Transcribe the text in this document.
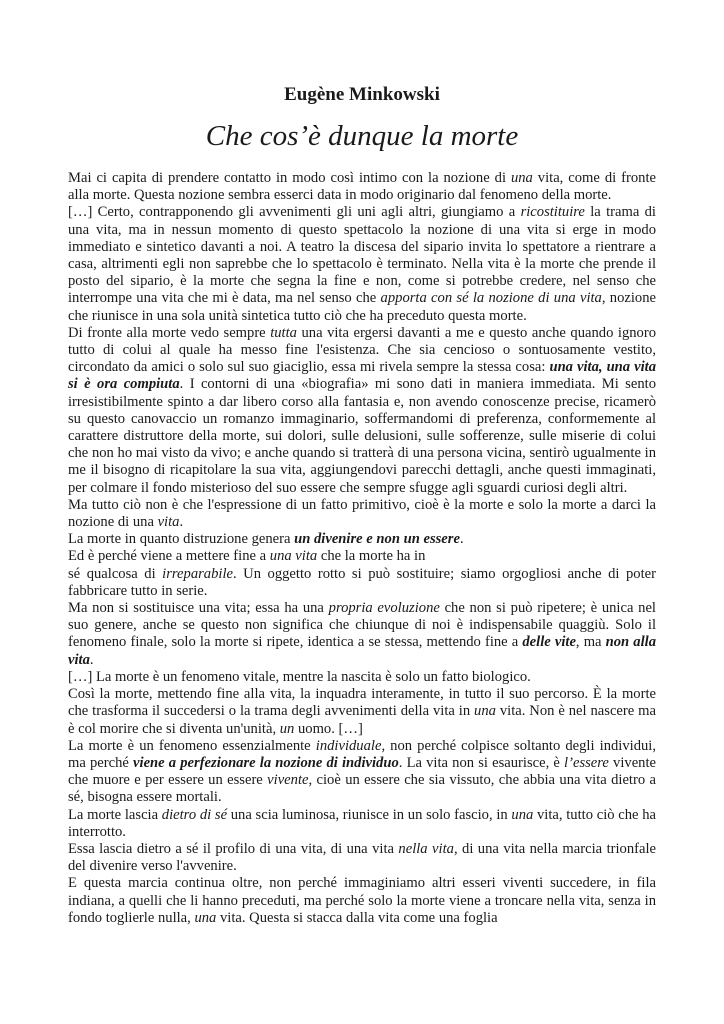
Eugène Minkowski
Che cos’è dunque la morte

Mai ci capita di prendere contatto in modo così intimo con la nozione di una vita, come di fronte alla morte. Questa nozione sembra esserci data in modo originario dal fenomeno della morte.

[…] Certo, contrapponendo gli avvenimenti gli uni agli altri, giungiamo a ricostituire la trama di una vita, ma in nessun momento di questo spettacolo la nozione di una vita si erge in modo immediato e sintetico davanti a noi. A teatro la discesa del sipario invita lo spettatore a rientrare a casa, altrimenti egli non saprebbe che lo spettacolo è terminato. Nella vita è la morte che prende il posto del sipario, è la morte che segna la fine e non, come si potrebbe credere, nel senso che interrompe una vita che mi è data, ma nel senso che apporta con sé la nozione di una vita, nozione che riunisce in una sola unità sintetica tutto ciò che ha preceduto questa morte.

Di fronte alla morte vedo sempre tutta una vita ergersi davanti a me e questo anche quando ignoro tutto di colui al quale ha messo fine l'esistenza. Che sia cencioso o sontuosamente vestito, circondato da amici o solo sul suo giaciglio, essa mi rivela sempre la stessa cosa: una vita, una vita si è ora compiuta. I contorni di una «biografia» mi sono dati in maniera immediata. Mi sento irresistibilmente spinto a dar libero corso alla fantasia e, non avendo conoscenze precise, ricamerò su questo canovaccio un romanzo immaginario, soffermandomi di preferenza, conformemente al carattere distruttore della morte, sui dolori, sulle delusioni, sulle sofferenze, sulle miserie di colui che non ho mai visto da vivo; e anche quando si tratterà di una persona vicina, sentirò ugualmente in me il bisogno di ricapitolare la sua vita, aggiungendovi parecchi dettagli, anche questi immaginati, per colmare il fondo misterioso del suo essere che sempre sfugge agli sguardi curiosi degli altri.

Ma tutto ciò non è che l'espressione di un fatto primitivo, cioè è la morte e solo la morte a darci la nozione di una vita.

La morte in quanto distruzione genera un divenire e non un essere.

Ed è perché viene a mettere fine a una vita che la morte ha in

sé qualcosa di irreparabile. Un oggetto rotto si può sostituire; siamo orgogliosi anche di poter fabbricare tutto in serie.

Ma non si sostituisce una vita; essa ha una propria evoluzione che non si può ripetere; è unica nel suo genere, anche se questo non significa che chiunque di noi è indispensabile quaggiù. Solo il fenomeno finale, solo la morte si ripete, identica a se stessa, mettendo fine a delle vite, ma non alla vita.

[…] La morte è un fenomeno vitale, mentre la nascita è solo un fatto biologico.

Così la morte, mettendo fine alla vita, la inquadra interamente, in tutto il suo percorso. È la morte che trasforma il succedersi o la trama degli avvenimenti della vita in una vita. Non è nel nascere ma è col morire che si diventa un'unità, un uomo. […]

La morte è un fenomeno essenzialmente individuale, non perché colpisce soltanto degli individui, ma perché viene a perfezionare la nozione di individuo. La vita non si esaurisce, è l’essere vivente che muore e per essere un essere vivente, cioè un essere che sia vissuto, che abbia una vita dietro a sé, bisogna essere mortali.

La morte lascia dietro di sé una scia luminosa, riunisce in un solo fascio, in una vita, tutto ciò che ha interrotto.

Essa lascia dietro a sé il profilo di una vita, di una vita nella vita, di una vita nella marcia trionfale del divenire verso l'avvenire.

E questa marcia continua oltre, non perché immaginiamo altri esseri viventi succedere, in fila indiana, a quelli che li hanno preceduti, ma perché solo la morte viene a troncare nella vita, senza in fondo toglierle nulla, una vita. Questa si stacca dalla vita come una foglia
